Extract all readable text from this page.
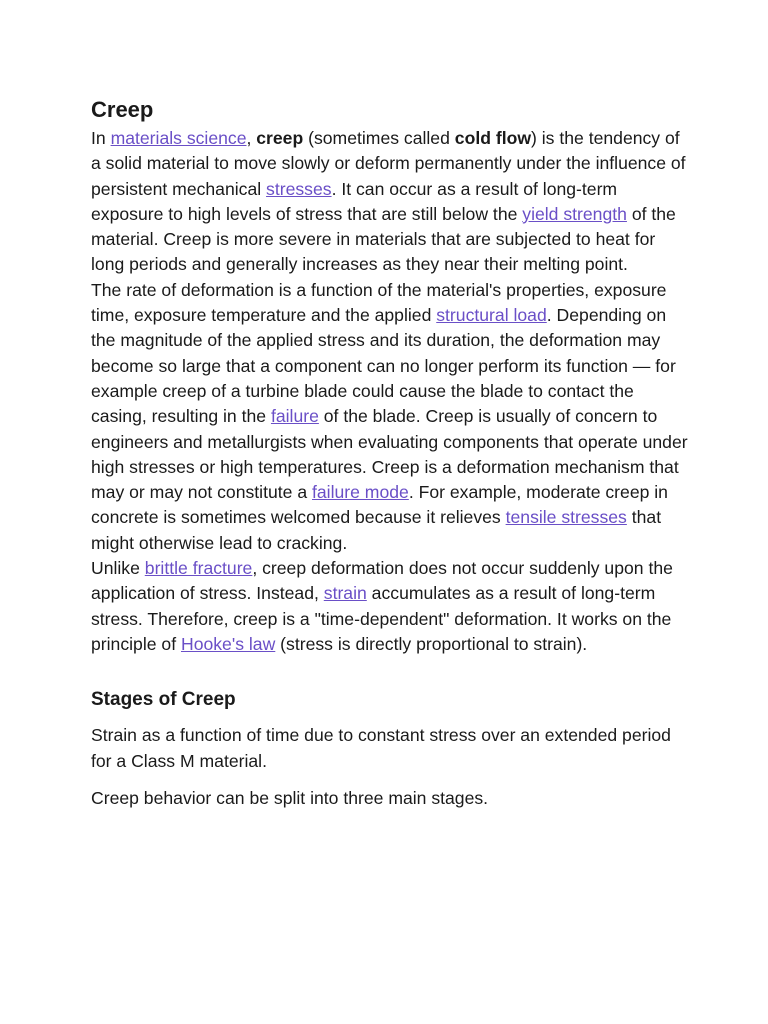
Creep

In materials science, creep (sometimes called cold flow) is the tendency of a solid material to move slowly or deform permanently under the influence of persistent mechanical stresses. It can occur as a result of long-term exposure to high levels of stress that are still below the yield strength of the material. Creep is more severe in materials that are subjected to heat for long periods and generally increases as they near their melting point.

The rate of deformation is a function of the material's properties, exposure time, exposure temperature and the applied structural load. Depending on the magnitude of the applied stress and its duration, the deformation may become so large that a component can no longer perform its function — for example creep of a turbine blade could cause the blade to contact the casing, resulting in the failure of the blade. Creep is usually of concern to engineers and metallurgists when evaluating components that operate under high stresses or high temperatures. Creep is a deformation mechanism that may or may not constitute a failure mode. For example, moderate creep in concrete is sometimes welcomed because it relieves tensile stresses that might otherwise lead to cracking.

Unlike brittle fracture, creep deformation does not occur suddenly upon the application of stress. Instead, strain accumulates as a result of long-term stress. Therefore, creep is a "time-dependent" deformation. It works on the principle of Hooke's law (stress is directly proportional to strain).

Stages of Creep

Strain as a function of time due to constant stress over an extended period for a Class M material.

Creep behavior can be split into three main stages.
